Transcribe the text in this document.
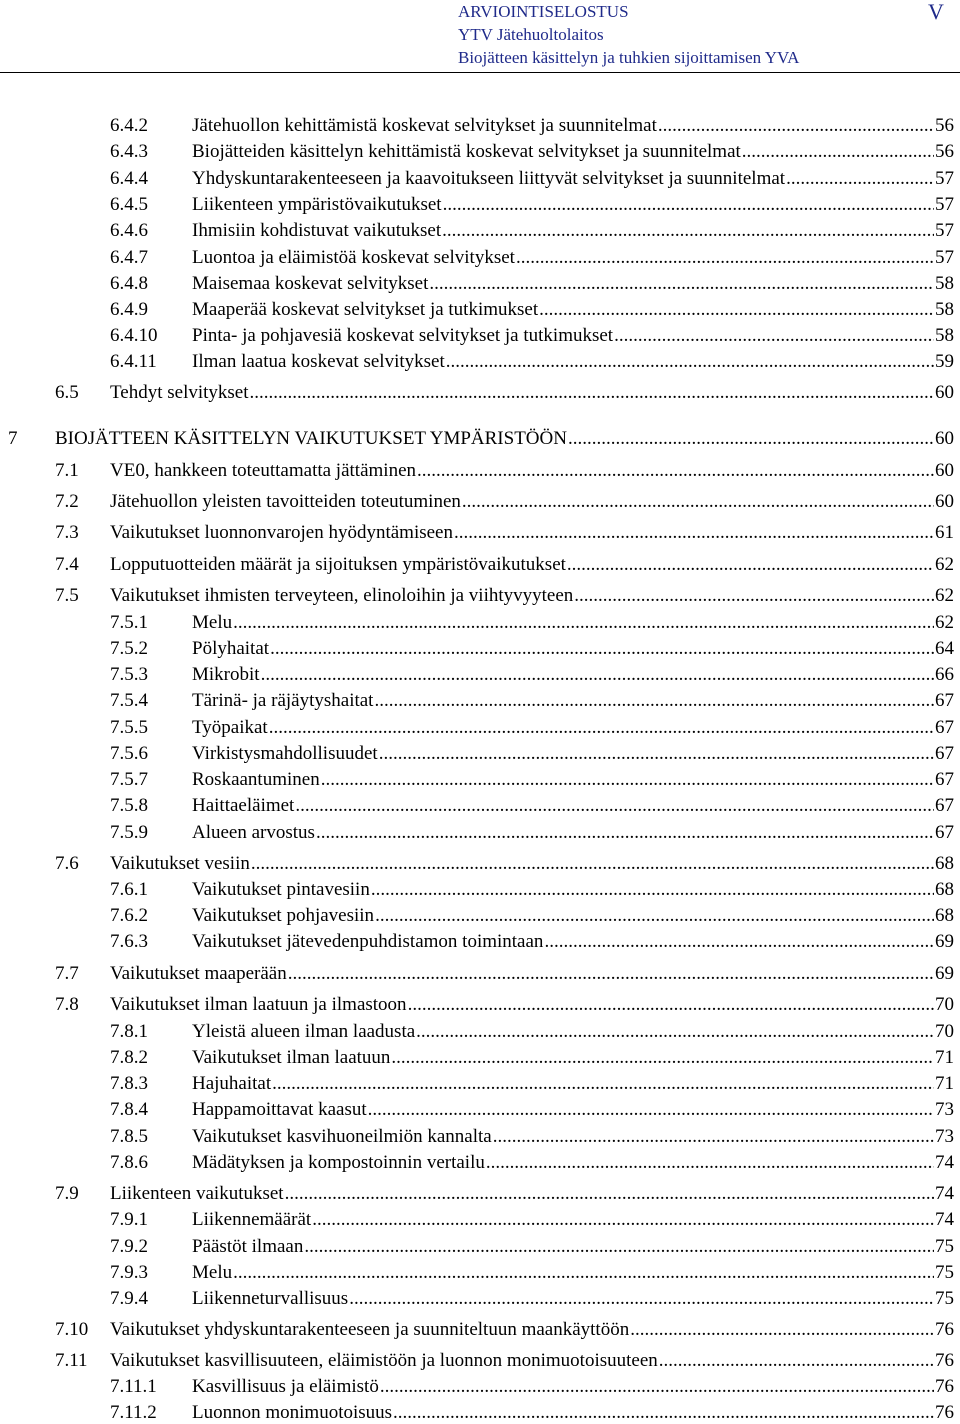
ARVIOINTISELOSTUS	V
YTV Jätehuoltolaitos
Biojätteen käsittelyn ja tuhkien sijoittamisen YVA
6.4.2	Jätehuollon kehittämistä koskevat selvitykset ja suunnitelmat .....	56
6.4.3	Biojätteiden käsittelyn kehittämistä koskevat selvitykset ja suunnitelmat .....	56
6.4.4	Yhdyskuntarakenteeseen ja kaavoitukseen liittyvät selvitykset ja suunnitelmat .....	57
6.4.5	Liikenteen ympäristövaikutukset .....	57
6.4.6	Ihmisiin kohdistuvat vaikutukset .....	57
6.4.7	Luontoa ja eläimistöä koskevat selvitykset .....	57
6.4.8	Maisemaa koskevat selvitykset .....	58
6.4.9	Maaperää koskevat selvitykset ja tutkimukset .....	58
6.4.10	Pinta- ja pohjavesiä koskevat selvitykset ja tutkimukset .....	58
6.4.11	Ilman laatua koskevat selvitykset .....	59
6.5	Tehdyt selvitykset .....	60
7	BIOJÄTTEEN KÄSITTELYN VAIKUTUKSET YMPÄRISTÖÖN .....	60
7.1	VE0, hankkeen toteuttamatta jättäminen .....	60
7.2	Jätehuollon yleisten tavoitteiden toteutuminen .....	60
7.3	Vaikutukset luonnonvarojen hyödyntämiseen .....	61
7.4	Lopputuotteiden määrät ja sijoituksen ympäristövaikutukset .....	62
7.5	Vaikutukset ihmisten terveyteen, elinoloihin ja viihtyvyyteen .....	62
7.5.1	Melu .....	62
7.5.2	Pölyhaitat .....	64
7.5.3	Mikrobit .....	66
7.5.4	Tärinä- ja räjäytyshaitat .....	67
7.5.5	Työpaikat .....	67
7.5.6	Virkistysmahdollisuudet .....	67
7.5.7	Roskaantuminen .....	67
7.5.8	Haittaeläimet .....	67
7.5.9	Alueen arvostus .....	67
7.6	Vaikutukset vesiin .....	68
7.6.1	Vaikutukset pintavesiin .....	68
7.6.2	Vaikutukset pohjavesiin .....	68
7.6.3	Vaikutukset jätevedenpuhdistamon toimintaan .....	69
7.7	Vaikutukset maaperään .....	69
7.8	Vaikutukset ilman laatuun ja ilmastoon .....	70
7.8.1	Yleistä alueen ilman laadusta .....	70
7.8.2	Vaikutukset ilman laatuun .....	71
7.8.3	Hajuhaitat .....	71
7.8.4	Happamoittavat kaasut .....	73
7.8.5	Vaikutukset kasvihuoneilmiön kannalta .....	73
7.8.6	Mädätyksen ja kompostoinnin vertailu .....	74
7.9	Liikenteen vaikutukset .....	74
7.9.1	Liikennemäärät .....	74
7.9.2	Päästöt ilmaan .....	75
7.9.3	Melu .....	75
7.9.4	Liikenneturvallisuus .....	75
7.10	Vaikutukset yhdyskuntarakenteeseen ja suunniteltuun maankäyttöön .....	76
7.11	Vaikutukset kasvillisuuteen, eläimistöön ja luonnon monimuotoisuuteen .....	76
7.11.1	Kasvillisuus ja eläimistö .....	76
7.11.2	Luonnon monimuotoisuus .....	76
